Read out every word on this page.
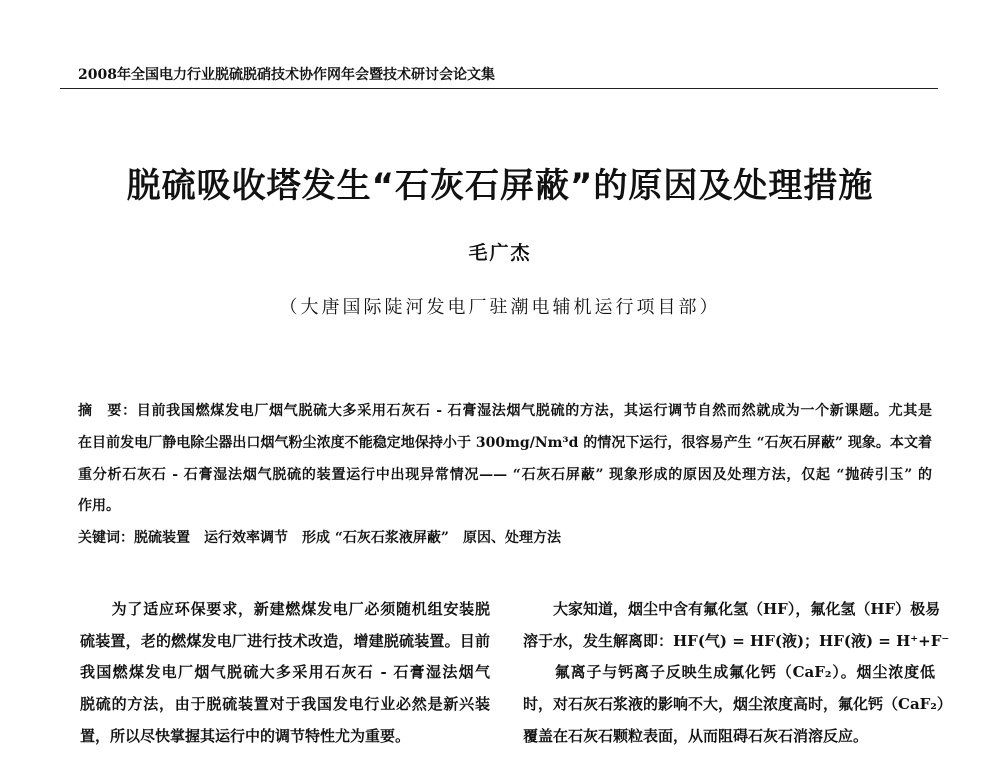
2008年全国电力行业脱硫脱硝技术协作网年会暨技术研讨会论文集
脱硫吸收塔发生“石灰石屏蔽”的原因及处理措施
毛广杰
（大唐国际陡河发电厂驻潮电辅机运行项目部）
摘　要：目前我国燃煤发电厂烟气脱硫大多采用石灰石 - 石膏湿法烟气脱硫的方法，其运行调节自然而然就成为一个新课题。尤其是
在目前发电厂静电除尘器出口烟气粉尘浓度不能稳定地保持小于 300mg/Nm³d 的情况下运行，很容易产生 “石灰石屏蔽” 现象。本文着
重分析石灰石 - 石膏湿法烟气脱硫的装置运行中出现异常情况—— “石灰石屏蔽” 现象形成的原因及处理方法，仅起 “抛砖引玉” 的
作用。
关键词：脱硫装置　运行效率调节　形成 “石灰石浆液屏蔽”　原因、处理方法
　　为了适应环保要求，新建燃煤发电厂必须随机组安装脱
硫装置，老的燃煤发电厂进行技术改造，增建脱硫装置。目前
我国燃煤发电厂烟气脱硫大多采用石灰石 - 石膏湿法烟气
脱硫的方法，由于脱硫装置对于我国发电行业必然是新兴装
置，所以尽快掌握其运行中的调节特性尤为重要。
　　大家知道，烟尘中含有氟化氢（HF），氟化氢（HF）极易
溶于水，发生解离即：HF(气) = HF(液)；HF(液) = H⁺+F⁻
　　氟离子与钙离子反映生成氟化钙（CaF₂）。烟尘浓度低
时，对石灰石浆液的影响不大，烟尘浓度高时，氟化钙（CaF₂）
覆盖在石灰石颗粒表面，从而阻碍石灰石消溶反应。
